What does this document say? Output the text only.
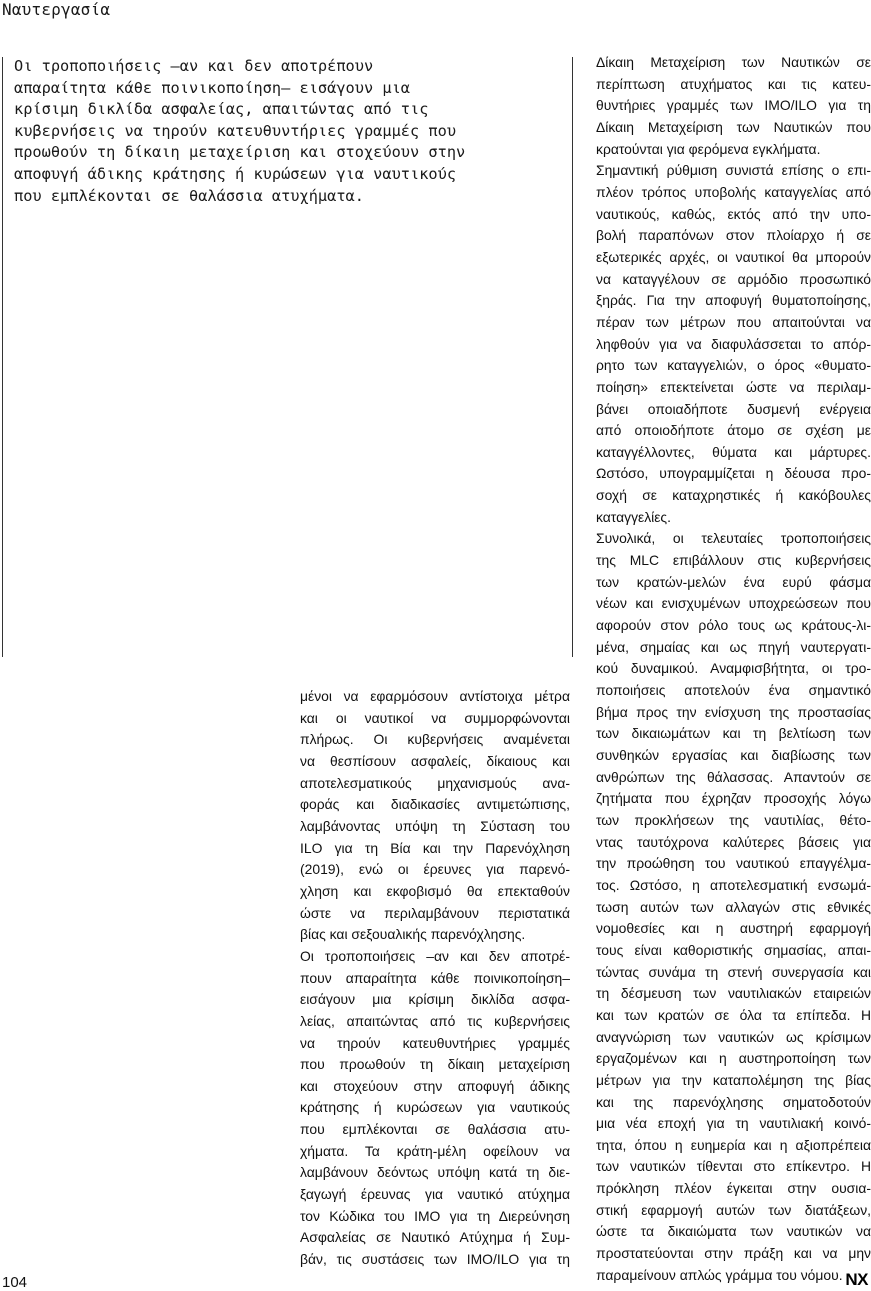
Ναυτεργασία
Οι τροποποιήσεις –αν και δεν αποτρέπουν
απαραίτητα κάθε ποινικοποίηση– εισάγουν μια
κρίσιμη δικλίδα ασφαλείας, απαιτώντας από τις
κυβερνήσεις να τηρούν κατευθυντήριες γραμμές που
προωθούν τη δίκαιη μεταχείριση και στοχεύουν στην
αποφυγή άδικης κράτησης ή κυρώσεων για ναυτικούς
που εμπλέκονται σε θαλάσσια ατυχήματα.
μένοι να εφαρμόσουν αντίστοιχα μέτρα
και οι ναυτικοί να συμμορφώνονται
πλήρως. Οι κυβερνήσεις αναμένεται
να θεσπίσουν ασφαλείς, δίκαιους και
αποτελεσματικούς μηχανισμούς ανα-
φοράς και διαδικασίες αντιμετώπισης,
λαμβάνοντας υπόψη τη Σύσταση του
ILO για τη Βία και την Παρενόχληση
(2019), ενώ οι έρευνες για παρενό-
χληση και εκφοβισμό θα επεκταθούν
ώστε να περιλαμβάνουν περιστατικά
βίας και σεξουαλικής παρενόχλησης.
Οι τροποποιήσεις –αν και δεν αποτρέ-
πουν απαραίτητα κάθε ποινικοποίηση–
εισάγουν μια κρίσιμη δικλίδα ασφα-
λείας, απαιτώντας από τις κυβερνήσεις
να τηρούν κατευθυντήριες γραμμές
που προωθούν τη δίκαιη μεταχείριση
και στοχεύουν στην αποφυγή άδικης
κράτησης ή κυρώσεων για ναυτικούς
που εμπλέκονται σε θαλάσσια ατυ-
χήματα. Τα κράτη-μέλη οφείλουν να
λαμβάνουν δεόντως υπόψη κατά τη διε-
ξαγωγή έρευνας για ναυτικό ατύχημα
τον Κώδικα του IMO για τη Διερεύνηση
Ασφαλείας σε Ναυτικό Ατύχημα ή Συμ-
βάν, τις συστάσεις των IMO/ILO για τη
Δίκαιη Μεταχείριση των Ναυτικών σε
περίπτωση ατυχήματος και τις κατευ-
θυντήριες γραμμές των IMO/ILO για τη
Δίκαιη Μεταχείριση των Ναυτικών που
κρατούνται για φερόμενα εγκλήματα.
Σημαντική ρύθμιση συνιστά επίσης ο επι-
πλέον τρόπος υποβολής καταγγελίας από
ναυτικούς, καθώς, εκτός από την υπο-
βολή παραπόνων στον πλοίαρχο ή σε
εξωτερικές αρχές, οι ναυτικοί θα μπορούν
να καταγγέλουν σε αρμόδιο προσωπικό
ξηράς. Για την αποφυγή θυματοποίησης,
πέραν των μέτρων που απαιτούνται να
ληφθούν για να διαφυλάσσεται το απόρ-
ρητο των καταγγελιών, ο όρος «θυματο-
ποίηση» επεκτείνεται ώστε να περιλαμ-
βάνει οποιαδήποτε δυσμενή ενέργεια
από οποιοδήποτε άτομο σε σχέση με
καταγγέλλοντες, θύματα και μάρτυρες.
Ωστόσο, υπογραμμίζεται η δέουσα προ-
σοχή σε καταχρηστικές ή κακόβουλες
καταγγελίες.
Συνολικά, οι τελευταίες τροποποιήσεις
της MLC επιβάλλουν στις κυβερνήσεις
των κρατών-μελών ένα ευρύ φάσμα
νέων και ενισχυμένων υποχρεώσεων που
αφορούν στον ρόλο τους ως κράτους-λι-
μένα, σημαίας και ως πηγή ναυτεργατι-
κού δυναμικού. Αναμφισβήτητα, οι τρο-
ποποιήσεις αποτελούν ένα σημαντικό
βήμα προς την ενίσχυση της προστασίας
των δικαιωμάτων και τη βελτίωση των
συνθηκών εργασίας και διαβίωσης των
ανθρώπων της θάλασσας. Απαντούν σε
ζητήματα που έχρηζαν προσοχής λόγω
των προκλήσεων της ναυτιλίας, θέτο-
ντας ταυτόχρονα καλύτερες βάσεις για
την προώθηση του ναυτικού επαγγέλμα-
τος. Ωστόσο, η αποτελεσματική ενσωμά-
τωση αυτών των αλλαγών στις εθνικές
νομοθεσίες και η αυστηρή εφαρμογή
τους είναι καθοριστικής σημασίας, απαι-
τώντας συνάμα τη στενή συνεργασία και
τη δέσμευση των ναυτιλιακών εταιρειών
και των κρατών σε όλα τα επίπεδα. Η
αναγνώριση των ναυτικών ως κρίσιμων
εργαζομένων και η αυστηροποίηση των
μέτρων για την καταπολέμηση της βίας
και της παρενόχλησης σηματοδοτούν
μια νέα εποχή για τη ναυτιλιακή κοινό-
τητα, όπου η ευημερία και η αξιοπρέπεια
των ναυτικών τίθενται στο επίκεντρο. Η
πρόκληση πλέον έγκειται στην ουσια-
στική εφαρμογή αυτών των διατάξεων,
ώστε τα δικαιώματα των ναυτικών να
προστατεύονται στην πράξη και να μην
παραμείνουν απλώς γράμμα του νόμου.
104	NX
